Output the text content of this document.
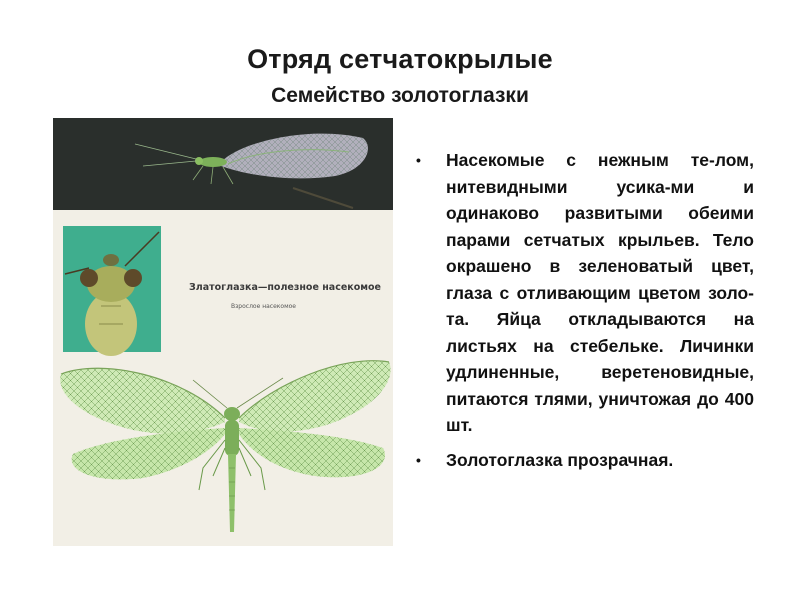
Отряд сетчатокрылые
Семейство золотоглазки
Златоглазка—полезное насекомое
Взрослое насекомое
• Насекомые с нежным те-лом, нитевидными усика-ми и одинаково развитыми обеими парами сетчатых крыльев. Тело окрашено в зеленоватый цвет, глаза с отливающим цветом золо-та. Яйца откладываются на листьях на стебельке. Личинки удлиненные, веретеновидные, питаются тлями, уничтожая до 400 шт.
• Золотоглазка прозрачная.
